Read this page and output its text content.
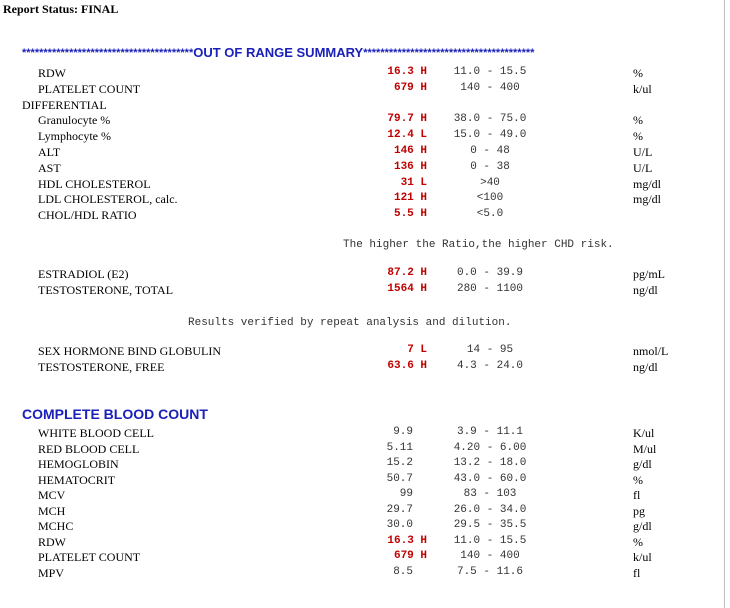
Report Status: FINAL
****************************************OUT OF RANGE SUMMARY****************************************
RDW	16.3 H	11.0 - 15.5	%
PLATELET COUNT	679 H	140 - 400	k/ul
DIFFERENTIAL
Granulocyte %	79.7 H	38.0 - 75.0	%
Lymphocyte %	12.4 L	15.0 - 49.0	%
ALT	146 H	0 - 48	U/L
AST	136 H	0 - 38	U/L
HDL CHOLESTEROL	31 L	>40	mg/dl
LDL CHOLESTEROL, calc.	121 H	<100	mg/dl
CHOL/HDL RATIO	5.5 H	<5.0
The higher the Ratio,the higher CHD risk.
ESTRADIOL (E2)	87.2 H	0.0 - 39.9	pg/mL
TESTOSTERONE, TOTAL	1564 H	280 - 1100	ng/dl
Results verified by repeat analysis and dilution.
SEX HORMONE BIND GLOBULIN	7 L	14 - 95	nmol/L
TESTOSTERONE, FREE	63.6 H	4.3 - 24.0	ng/dl
COMPLETE BLOOD COUNT
WHITE BLOOD CELL	9.9	3.9 - 11.1	K/ul
RED BLOOD CELL	5.11	4.20 - 6.00	M/ul
HEMOGLOBIN	15.2	13.2 - 18.0	g/dl
HEMATOCRIT	50.7	43.0 - 60.0	%
MCV	99	83 - 103	fl
MCH	29.7	26.0 - 34.0	pg
MCHC	30.0	29.5 - 35.5	g/dl
RDW	16.3 H	11.0 - 15.5	%
PLATELET COUNT	679 H	140 - 400	k/ul
MPV	8.5	7.5 - 11.6	fl
